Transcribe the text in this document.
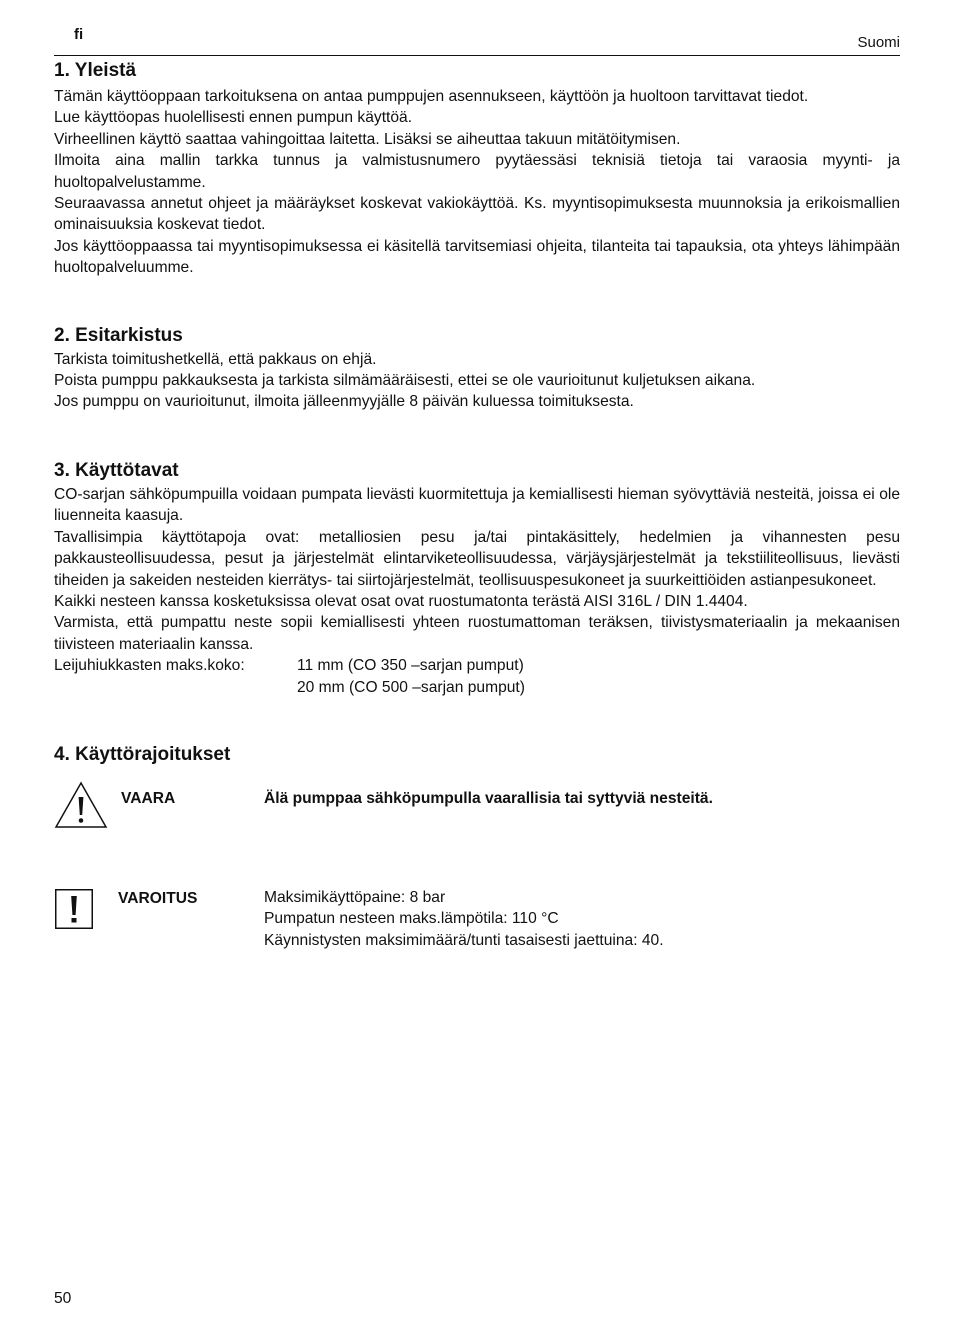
fi	Suomi
1. Yleistä

Tämän käyttöoppaan tarkoituksena on antaa pumppujen asennukseen, käyttöön ja huoltoon tarvittavat tiedot.

Lue käyttöopas huolellisesti ennen pumpun käyttöä.

Virheellinen käyttö saattaa vahingoittaa laitetta. Lisäksi se aiheuttaa takuun mitätöitymisen.

Ilmoita aina mallin tarkka tunnus ja valmistusnumero pyytäessäsi teknisiä tietoja tai varaosia myynti- ja huoltopalvelustamme.

Seuraavassa annetut ohjeet ja määräykset koskevat vakiokäyttöä. Ks. myyntisopimuksesta muunnoksia ja erikoismallien ominaisuuksia koskevat tiedot.

Jos käyttöoppaassa tai myyntisopimuksessa ei käsitellä tarvitsemiasi ohjeita, tilanteita tai tapauksia, ota yhteys lähimpään huoltopalveluumme.

2. Esitarkistus

Tarkista toimitushetkellä, että pakkaus on ehjä.

Poista pumppu pakkauksesta ja tarkista silmämääräisesti, ettei se ole vaurioitunut kuljetuksen aikana.

Jos pumppu on vaurioitunut, ilmoita jälleenmyyjälle 8 päivän kuluessa toimituksesta.

3. Käyttötavat

CO-sarjan sähköpumpuilla voidaan pumpata lievästi kuormitettuja ja kemiallisesti hieman syövyttäviä nesteitä, joissa ei ole liuenneita kaasuja.

Tavallisimpia käyttötapoja ovat: metalliosien pesu ja/tai pintakäsittely, hedelmien ja vihannesten pesu pakkausteollisuudessa, pesut ja järjestelmät elintarviketeollisuudessa, värjäysjärjestelmät ja tekstiiliteollisuus, lievästi tiheiden ja sakeiden nesteiden kierrätys- tai siirtojärjestelmät, teollisuuspesukoneet ja suurkeittiöiden astianpesukoneet.

Kaikki nesteen kanssa kosketuksissa olevat osat ovat ruostumatonta terästä AISI 316L / DIN 1.4404.

Varmista, että pumpattu neste sopii kemiallisesti yhteen ruostumattoman teräksen, tiivistysmateriaalin ja mekaanisen tiivisteen materiaalin kanssa.

Leijuhiukkasten maks.koko:	11 mm (CO 350 –sarjan pumput)
20 mm (CO 500 –sarjan pumput)
4. Käyttörajoitukset
VAARA	Älä pumppaa sähköpumpulla vaarallisia tai syttyviä nesteitä.
VAROITUS	Maksimikäyttöpaine: 8 bar
Pumpatun nesteen maks.lämpötila: 110 °C
Käynnistysten maksimimäärä/tunti tasaisesti jaettuina: 40.
50
